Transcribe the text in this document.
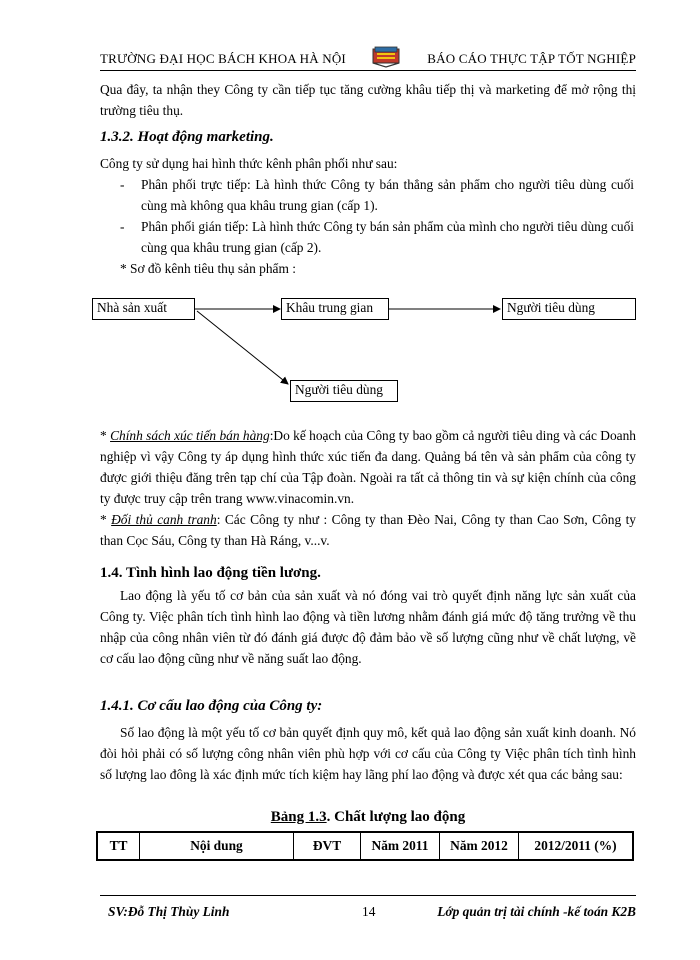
TRƯỜNG ĐẠI HỌC BÁCH KHOA HÀ NỘI	BÁO CÁO THỰC TẬP TỐT NGHIỆP
Qua đây, ta nhận they Công ty cần tiếp tục tăng cường khâu tiếp thị và marketing để mở rộng thị trường tiêu thụ.
1.3.2. Hoạt động marketing.
Công ty sử dụng hai hình thức kênh phân phối như sau:
- Phân phối trực tiếp: Là hình thức Công ty bán thẳng sản phẩm cho người tiêu dùng cuối cùng mà không qua khâu trung gian (cấp 1).
- Phân phối gián tiếp: Là hình thức Công ty bán sản phẩm của mình cho người tiêu dùng cuối cùng qua khâu trung gian (cấp 2).
* Sơ đồ kênh tiêu thụ sản phẩm :
Nhà sản xuất	Khâu trung gian	Người tiêu dùng
Người tiêu dùng
* Chính sách xúc tiến bán hàng:Do kế hoạch của Công ty bao gồm cả người tiêu ding và các Doanh nghiệp vì vậy Công ty áp dụng hình thức xúc tiến đa dang. Quảng bá tên và sản phẩm của công ty được giới thiệu đăng trên tạp chí của Tập đoàn. Ngoài ra tất cả thông tin và sự kiện chính của công ty được truy cập trên trang www.vinacomin.vn.
* Đối thủ canh tranh: Các Công ty như : Công ty than Đèo Nai, Công ty than Cao Sơn, Công ty than Cọc Sáu, Công ty than Hà Ráng, v...v.
1.4. Tình hình lao động tiền lương.
Lao động là yếu tố cơ bản của sản xuất và nó đóng vai trò quyết định năng lực sản xuất của Công ty. Việc phân tích tình hình lao động và tiền lương nhằm đánh giá mức độ tăng trưởng về thu nhập của công nhân viên từ đó đánh giá được độ đảm bảo về số lượng cũng như về chất lượng, về cơ cấu lao động cũng như về năng suất lao động.
1.4.1. Cơ cấu lao động của Công ty:
Số lao động là một yếu tố cơ bản quyết định quy mô, kết quả lao động sản xuất kinh doanh. Nó đòi hỏi phải có số lượng công nhân viên phù hợp với cơ cấu của Công ty Việc phân tích tình hình số lượng lao đông là xác định mức tích kiệm hay lãng phí lao động và được xét qua các bảng sau:
Bảng 1.3. Chất lượng lao động
TT	Nội dung	ĐVT	Năm 2011	Năm 2012	2012/2011 (%)
SV:Đỗ Thị Thùy Linh	14	Lớp quản trị tài chính -kế toán K2B
